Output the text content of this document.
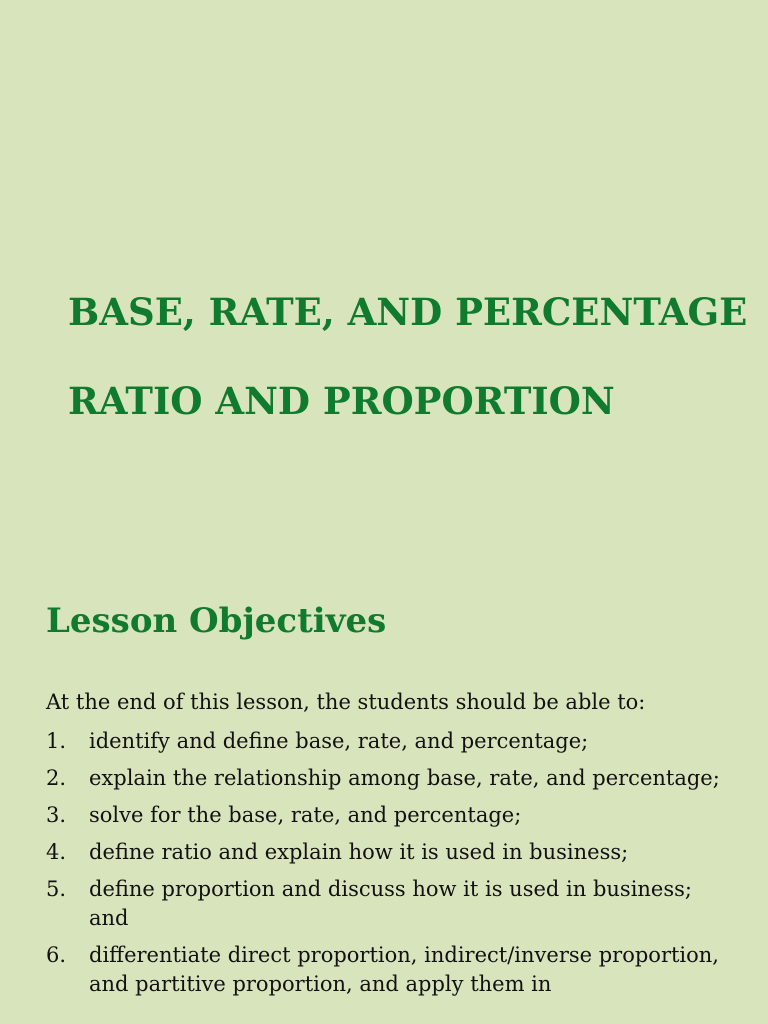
BASE, RATE, AND PERCENTAGE
RATIO AND PROPORTION
Lesson Objectives

At the end of this lesson, the students should be able to:

1. identify and define base, rate, and percentage;
2. explain the relationship among base, rate, and percentage;
3. solve for the base, rate, and percentage;
4. define ratio and explain how it is used in business;
5. define proportion and discuss how it is used in business; and
6. differentiate direct proportion, indirect/inverse proportion, and partitive proportion, and apply them in
